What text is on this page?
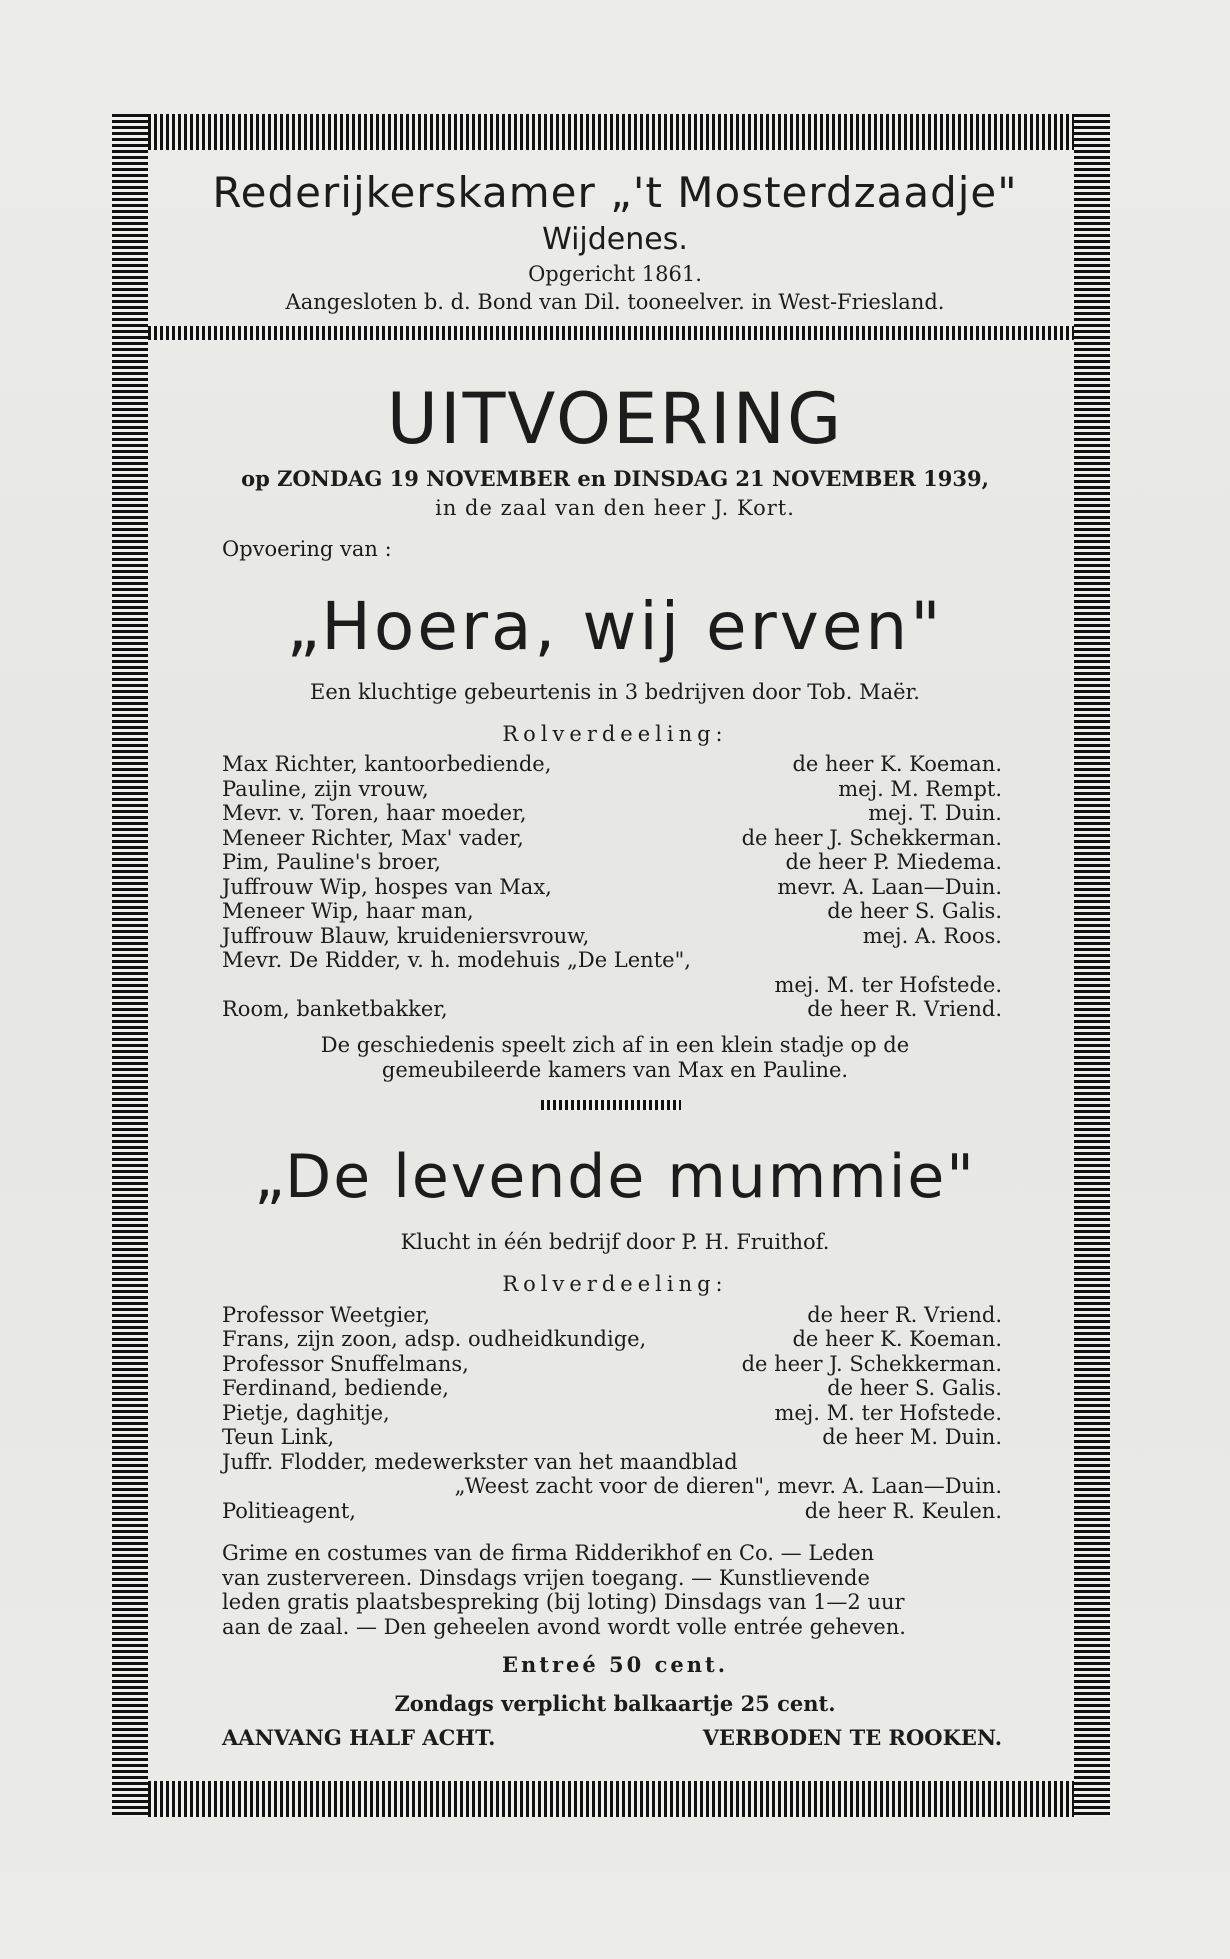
Rederijkerskamer „'t Mosterdzaadje"
Wijdenes.
Opgericht 1861.
Aangesloten b. d. Bond van Dil. tooneelver. in West-Friesland.
UITVOERING
op ZONDAG 19 NOVEMBER en DINSDAG 21 NOVEMBER 1939,
in de zaal van den heer J. Kort.
Opvoering van :
„Hoera, wij erven"
Een kluchtige gebeurtenis in 3 bedrijven door Tob. Maër.
Rolverdeeling:
Max Richter, kantoorbediende,	de heer K. Koeman.
Pauline, zijn vrouw,	mej. M. Rempt.
Mevr. v. Toren, haar moeder,	mej. T. Duin.
Meneer Richter, Max' vader,	de heer J. Schekkerman.
Pim, Pauline's broer,	de heer P. Miedema.
Juffrouw Wip, hospes van Max,	mevr. A. Laan—Duin.
Meneer Wip, haar man,	de heer S. Galis.
Juffrouw Blauw, kruideniersvrouw,	mej. A. Roos.
Mevr. De Ridder, v. h. modehuis „De Lente",
mej. M. ter Hofstede.
Room, banketbakker,	de heer R. Vriend.
De geschiedenis speelt zich af in een klein stadje op de
gemeubileerde kamers van Max en Pauline.
„De levende mummie"
Klucht in één bedrijf door P. H. Fruithof.
Rolverdeeling:
Professor Weetgier,	de heer R. Vriend.
Frans, zijn zoon, adsp. oudheidkundige,	de heer K. Koeman.
Professor Snuffelmans,	de heer J. Schekkerman.
Ferdinand, bediende,	de heer S. Galis.
Pietje, daghitje,	mej. M. ter Hofstede.
Teun Link,	de heer M. Duin.
Juffr. Flodder, medewerkster van het maandblad
„Weest zacht voor de dieren", mevr. A. Laan—Duin.
Politieagent,	de heer R. Keulen.
Grime en costumes van de firma Ridderikhof en Co. — Leden
van zustervereen. Dinsdags vrijen toegang. — Kunstlievende
leden gratis plaatsbespreking (bij loting) Dinsdags van 1—2 uur
aan de zaal. — Den geheelen avond wordt volle entrée geheven.
Entreé 50 cent.
Zondags verplicht balkaartje 25 cent.
AANVANG HALF ACHT.	VERBODEN TE ROOKEN.
